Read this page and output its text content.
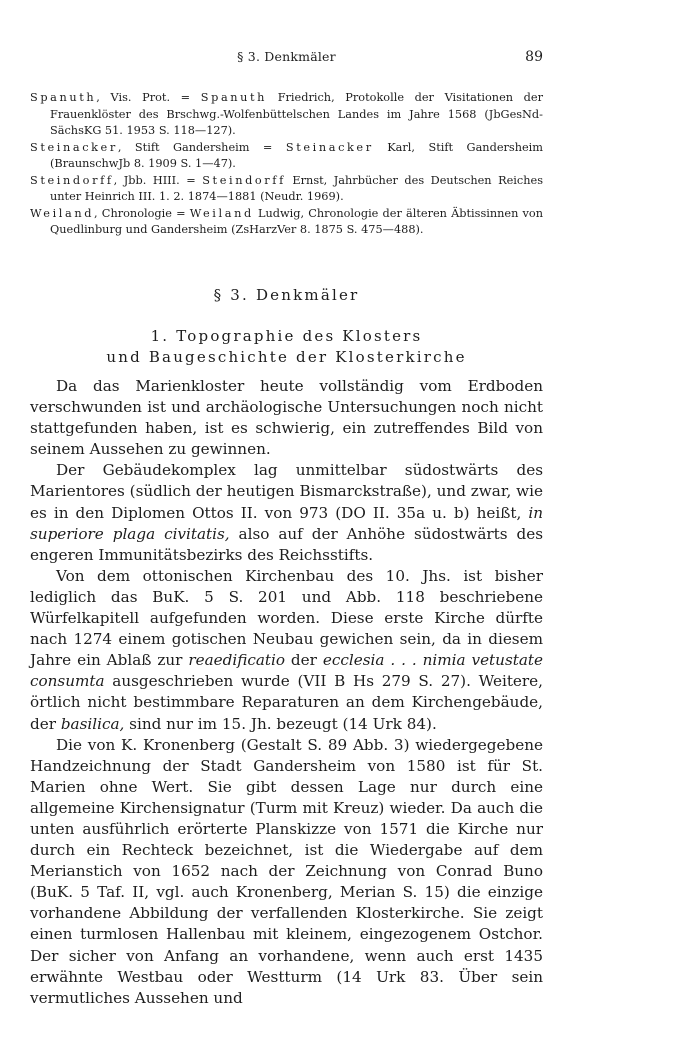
§ 3. Denkmäler	89
Spanuth, Vis. Prot. = Spanuth Friedrich, Protokolle der Visitationen der Frauenklöster des Brschwg.-Wolfenbüttelschen Landes im Jahre 1568 (JbGesNd-SächsKG 51. 1953 S. 118—127).
Steinacker, Stift Gandersheim = Steinacker Karl, Stift Gandersheim (BraunschwJb 8. 1909 S. 1—47).
Steindorff, Jbb. HIII. = Steindorff Ernst, Jahrbücher des Deutschen Reiches unter Heinrich III. 1. 2. 1874—1881 (Neudr. 1969).
Weiland, Chronologie = Weiland Ludwig, Chronologie der älteren Äbtissinnen von Quedlinburg und Gandersheim (ZsHarzVer 8. 1875 S. 475—488).
§ 3. Denkmäler
1. Topographie des Klosters
und Baugeschichte der Klosterkirche

Da das Marienkloster heute vollständig vom Erdboden verschwunden ist und archäologische Untersuchungen noch nicht stattgefunden haben, ist es schwierig, ein zutreffendes Bild von seinem Aussehen zu gewinnen.

Der Gebäudekomplex lag unmittelbar südostwärts des Marientores (südlich der heutigen Bismarckstraße), und zwar, wie es in den Diplomen Ottos II. von 973 (DO II. 35a u. b) heißt, in superiore plaga civitatis, also auf der Anhöhe südostwärts des engeren Immunitätsbezirks des Reichsstifts.

Von dem ottonischen Kirchenbau des 10. Jhs. ist bisher lediglich das BuK. 5 S. 201 und Abb. 118 beschriebene Würfelkapitell aufgefunden worden. Diese erste Kirche dürfte nach 1274 einem gotischen Neubau gewichen sein, da in diesem Jahre ein Ablaß zur reaedificatio der ecclesia . . . nimia vetustate consumta ausgeschrieben wurde (VII B Hs 279 S. 27). Weitere, örtlich nicht bestimmbare Reparaturen an dem Kirchengebäude, der basilica, sind nur im 15. Jh. bezeugt (14 Urk 84).

Die von K. Kronenberg (Gestalt S. 89 Abb. 3) wiedergegebene Handzeichnung der Stadt Gandersheim von 1580 ist für St. Marien ohne Wert. Sie gibt dessen Lage nur durch eine allgemeine Kirchensignatur (Turm mit Kreuz) wieder. Da auch die unten ausführlich erörterte Planskizze von 1571 die Kirche nur durch ein Rechteck bezeichnet, ist die Wiedergabe auf dem Merianstich von 1652 nach der Zeichnung von Conrad Buno (BuK. 5 Taf. II, vgl. auch Kronenberg, Merian S. 15) die einzige vorhandene Abbildung der verfallenden Klosterkirche. Sie zeigt einen turmlosen Hallenbau mit kleinem, eingezogenem Ostchor. Der sicher von Anfang an vorhandene, wenn auch erst 1435 erwähnte Westbau oder Westturm (14 Urk 83. Über sein vermutliches Aussehen und
